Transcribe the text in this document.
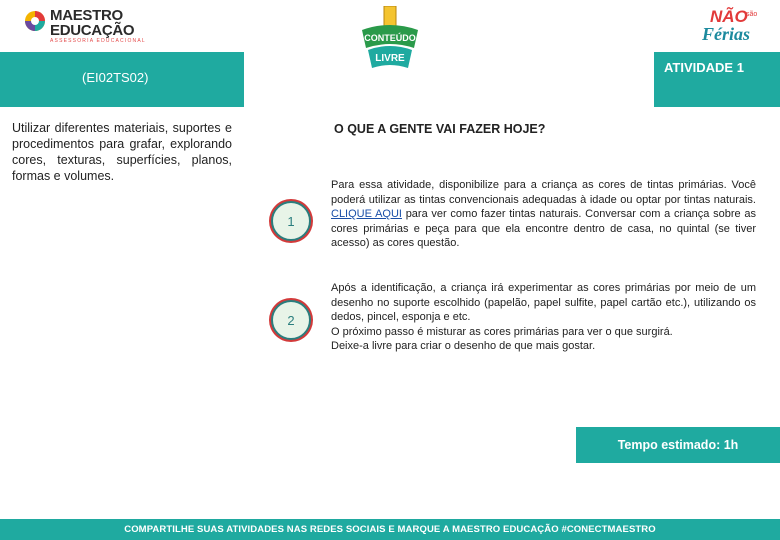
MAESTRO
EDUCAÇÃO
ASSESSORIA EDUCACIONAL
NÃO
são
Férias
(EI02TS02)
ATIVIDADE 1
CONTEÚDO
LIVRE
Utilizar diferentes materiais, suportes e procedimentos para grafar, explorando cores, texturas, superfícies, planos, formas e volumes.
O QUE A GENTE VAI FAZER HOJE?
1
Para essa atividade, disponibilize para a criança as cores de tintas primárias. Você poderá utilizar as tintas convencionais adequadas à idade ou optar por tintas naturais. CLIQUE AQUI para ver como fazer tintas naturais. Conversar com a criança sobre as cores primárias e peça para que ela encontre dentro de casa, no quintal (se tiver acesso) as cores questão.
2
Após a identificação, a criança irá experimentar as cores primárias por meio de um desenho no suporte escolhido (papelão, papel sulfite, papel cartão etc.), utilizando os dedos, pincel, esponja e etc.
O próximo passo é misturar as cores primárias para ver o que surgirá.
Deixe-a livre para criar o desenho de que mais gostar.
Tempo estimado: 1h
COMPARTILHE SUAS ATIVIDADES NAS REDES SOCIAIS E MARQUE A MAESTRO EDUCAÇÃO #CONECTMAESTRO
